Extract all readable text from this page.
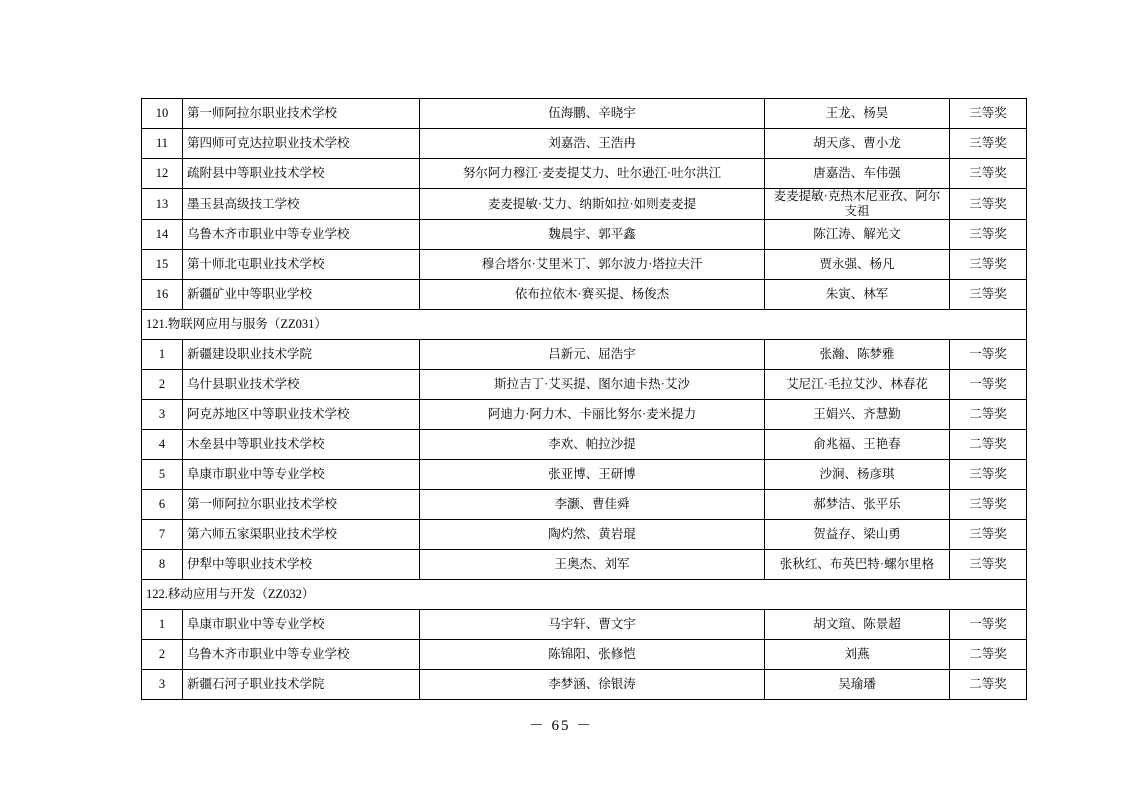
10	第一师阿拉尔职业技术学校	伍海鹏、辛晓宇	王龙、杨昊	三等奖
11	第四师可克达拉职业技术学校	刘嘉浩、王浩冉	胡天彦、曹小龙	三等奖
12	疏附县中等职业技术学校	努尔阿力穆江·麦麦提艾力、吐尔逊江·吐尔洪江	唐嘉浩、车伟强	三等奖
13	墨玉县高级技工学校	麦麦提敏·艾力、纳斯如拉·如则麦麦提	麦麦提敏·克热木尼亚孜、阿尔支祖	三等奖
14	乌鲁木齐市职业中等专业学校	魏晨宇、郭平鑫	陈江涛、解光文	三等奖
15	第十师北屯职业技术学校	穆合塔尔·艾里米丁、郭尔波力·塔拉夫汗	贾永强、杨凡	三等奖
16	新疆矿业中等职业学校	依布拉依木·赛买提、杨俊杰	朱寅、林军	三等奖
121.物联网应用与服务（ZZ031）				
1	新疆建设职业技术学院	吕新元、屈浩宇	张瀚、陈梦雅	一等奖
2	乌什县职业技术学校	斯拉吉丁·艾买提、图尔迪卡热·艾沙	艾尼江·毛拉艾沙、林春花	一等奖
3	阿克苏地区中等职业技术学校	阿迪力·阿力木、卡丽比努尔·麦米提力	王娟兴、齐慧勤	二等奖
4	木垒县中等职业技术学校	李欢、帕拉沙提	俞兆福、王艳春	二等奖
5	阜康市职业中等专业学校	张亚博、王研博	沙涧、杨彦琪	三等奖
6	第一师阿拉尔职业技术学校	李灏、曹佳舜	郝梦洁、张平乐	三等奖
7	第六师五家渠职业技术学校	陶灼然、黄岩琨	贺益存、梁山勇	三等奖
8	伊犁中等职业技术学校	王奥杰、刘军	张秋红、布英巴特·螺尔里格	三等奖
122.移动应用与开发（ZZ032）				
1	阜康市职业中等专业学校	马宇轩、曹文宇	胡文瑄、陈景超	一等奖
2	乌鲁木齐市职业中等专业学校	陈锦阳、张修恺	刘燕	二等奖
3	新疆石河子职业技术学院	李梦涵、徐银涛	吴瑜璠	二等奖
－ 65 －
